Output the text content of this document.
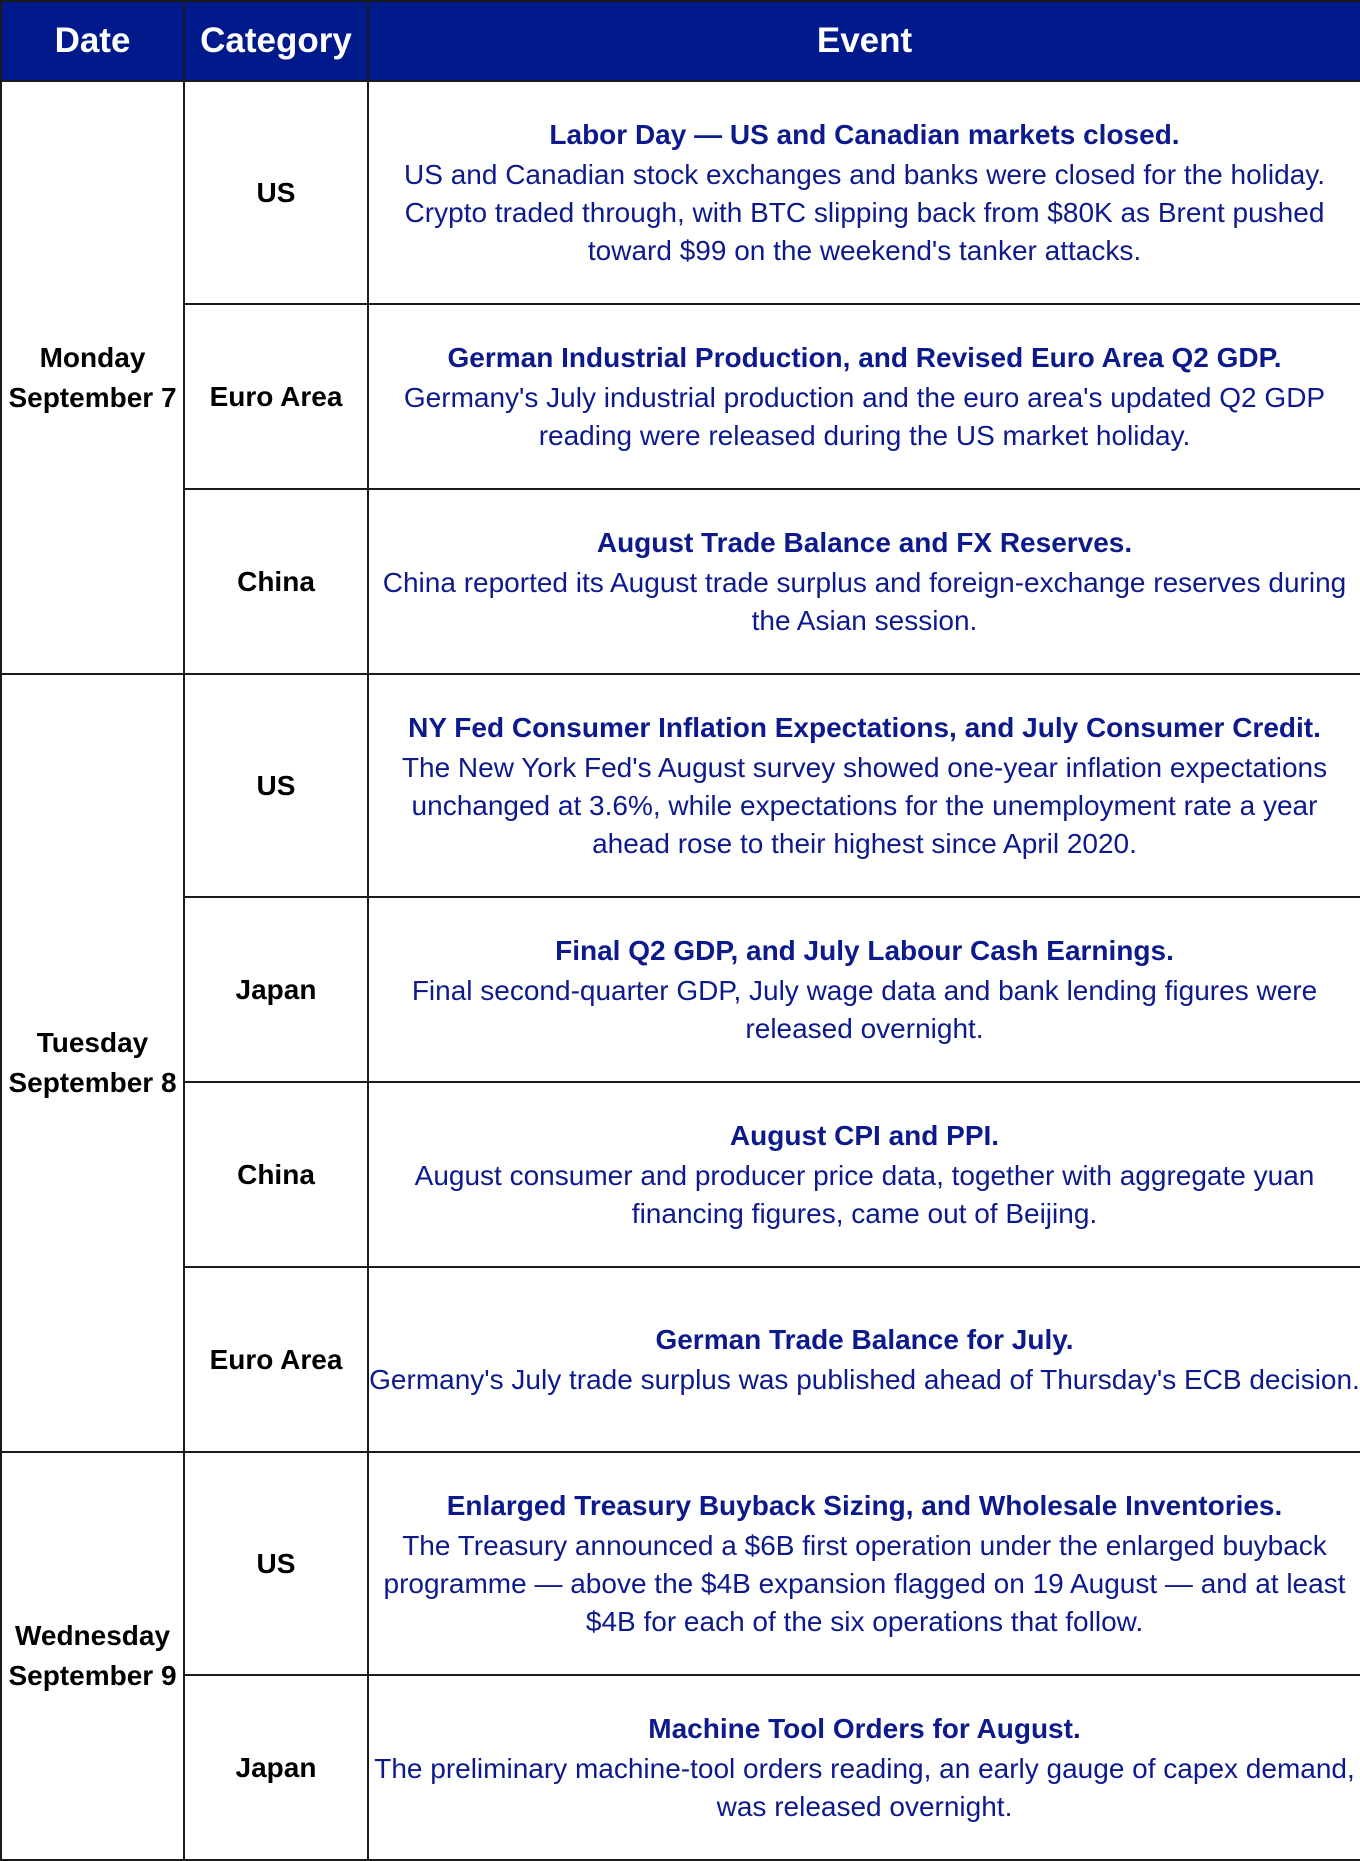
Date	Category	Event

Monday
September 7	US	Labor Day — US and Canadian markets closed.
US and Canadian stock exchanges and banks were closed for the holiday. Crypto traded through, with BTC slipping back from $80K as Brent pushed toward $99 on the weekend's tanker attacks.

	Euro Area	German Industrial Production, and Revised Euro Area Q2 GDP.
Germany's July industrial production and the euro area's updated Q2 GDP reading were released during the US market holiday.

	China	August Trade Balance and FX Reserves.
China reported its August trade surplus and foreign-exchange reserves during the Asian session.

Tuesday
September 8	US	NY Fed Consumer Inflation Expectations, and July Consumer Credit.
The New York Fed's August survey showed one-year inflation expectations unchanged at 3.6%, while expectations for the unemployment rate a year ahead rose to their highest since April 2020.

	Japan	Final Q2 GDP, and July Labour Cash Earnings.
Final second-quarter GDP, July wage data and bank lending figures were released overnight.

	China	August CPI and PPI.
August consumer and producer price data, together with aggregate yuan financing figures, came out of Beijing.

	Euro Area	German Trade Balance for July.
Germany's July trade surplus was published ahead of Thursday's ECB decision.

Wednesday
September 9	US	Enlarged Treasury Buyback Sizing, and Wholesale Inventories.
The Treasury announced a $6B first operation under the enlarged buyback programme — above the $4B expansion flagged on 19 August — and at least $4B for each of the six operations that follow.

	Japan	Machine Tool Orders for August.
The preliminary machine-tool orders reading, an early gauge of capex demand, was released overnight.
